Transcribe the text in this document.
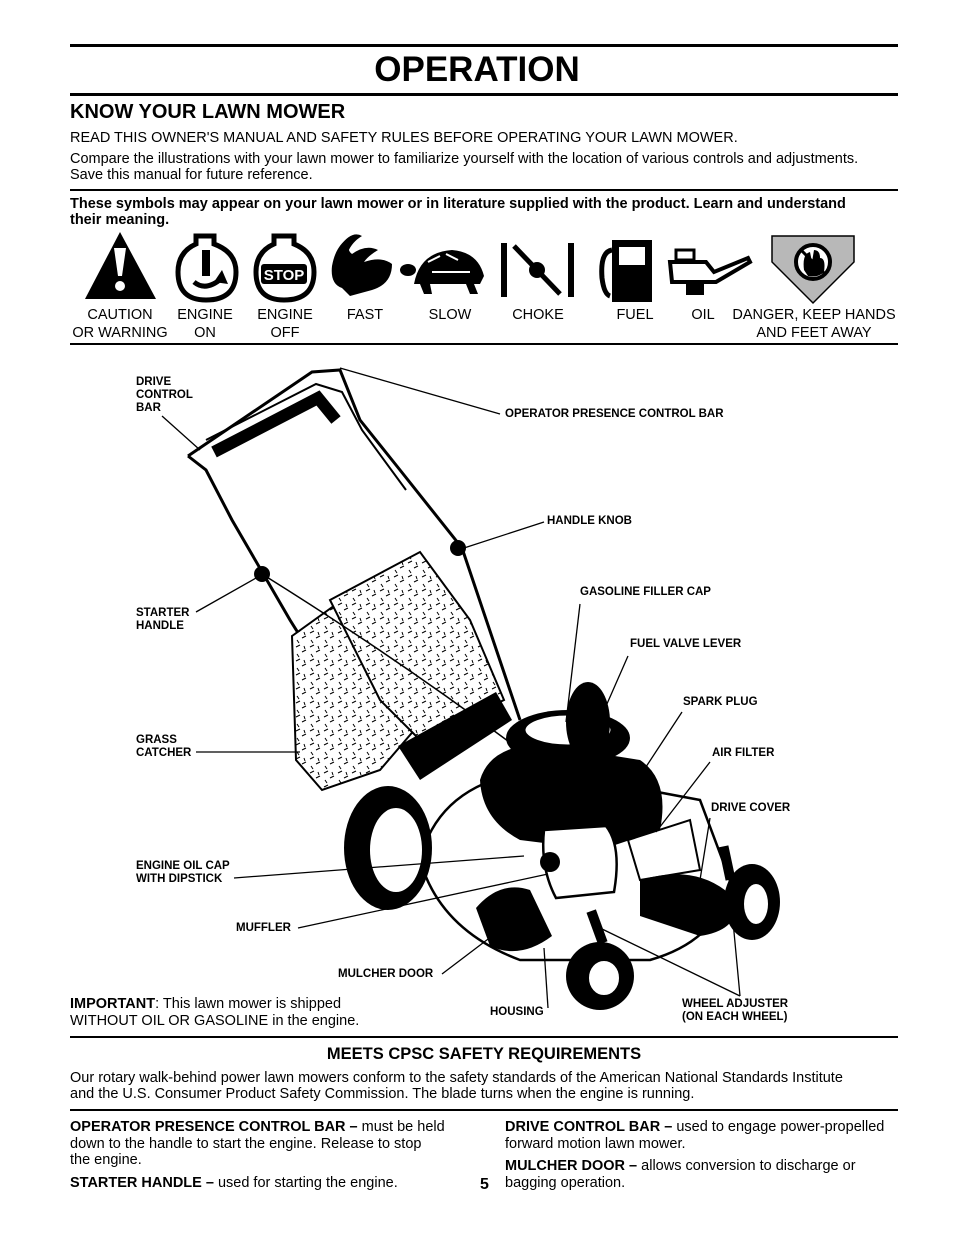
OPERATION
KNOW YOUR LAWN MOWER
READ THIS OWNER'S MANUAL AND SAFETY RULES BEFORE OPERATING YOUR LAWN MOWER.
Compare the illustrations with your lawn mower to familiarize yourself with the location of various controls and adjustments.
Save this manual for future reference.
These symbols may appear on your lawn mower or in literature supplied with the product. Learn and understand
their meaning.
STOP
CAUTION
OR WARNING
ENGINE
ON
ENGINE
OFF
FAST	SLOW	CHOKE	FUEL	OIL	DANGER, KEEP HANDS
AND FEET AWAY
DRIVE
CONTROL
BAR	OPERATOR PRESENCE CONTROL BAR
HANDLE KNOB
STARTER
HANDLE
GASOLINE FILLER CAP
FUEL VALVE LEVER
SPARK PLUG
GRASS
CATCHER	AIR FILTER
DRIVE COVER
ENGINE OIL CAP
WITH DIPSTICK
MUFFLER
MULCHER DOOR
HOUSING
WHEEL ADJUSTER
(ON EACH WHEEL)
IMPORTANT: This lawn mower is shipped
WITHOUT OIL OR GASOLINE in the engine.
MEETS CPSC SAFETY REQUIREMENTS
Our rotary walk-behind power lawn mowers conform to the safety standards of the American National Standards Institute
and the U.S. Consumer Product Safety Commission. The blade turns when the engine is running.

OPERATOR PRESENCE CONTROL BAR – must be held

down to the handle to start the engine. Release to stop

the engine.

STARTER HANDLE – used for starting the engine.	5

DRIVE CONTROL BAR – used to engage power-propelled

forward motion lawn mower.

MULCHER DOOR – allows conversion to discharge or

bagging operation.
